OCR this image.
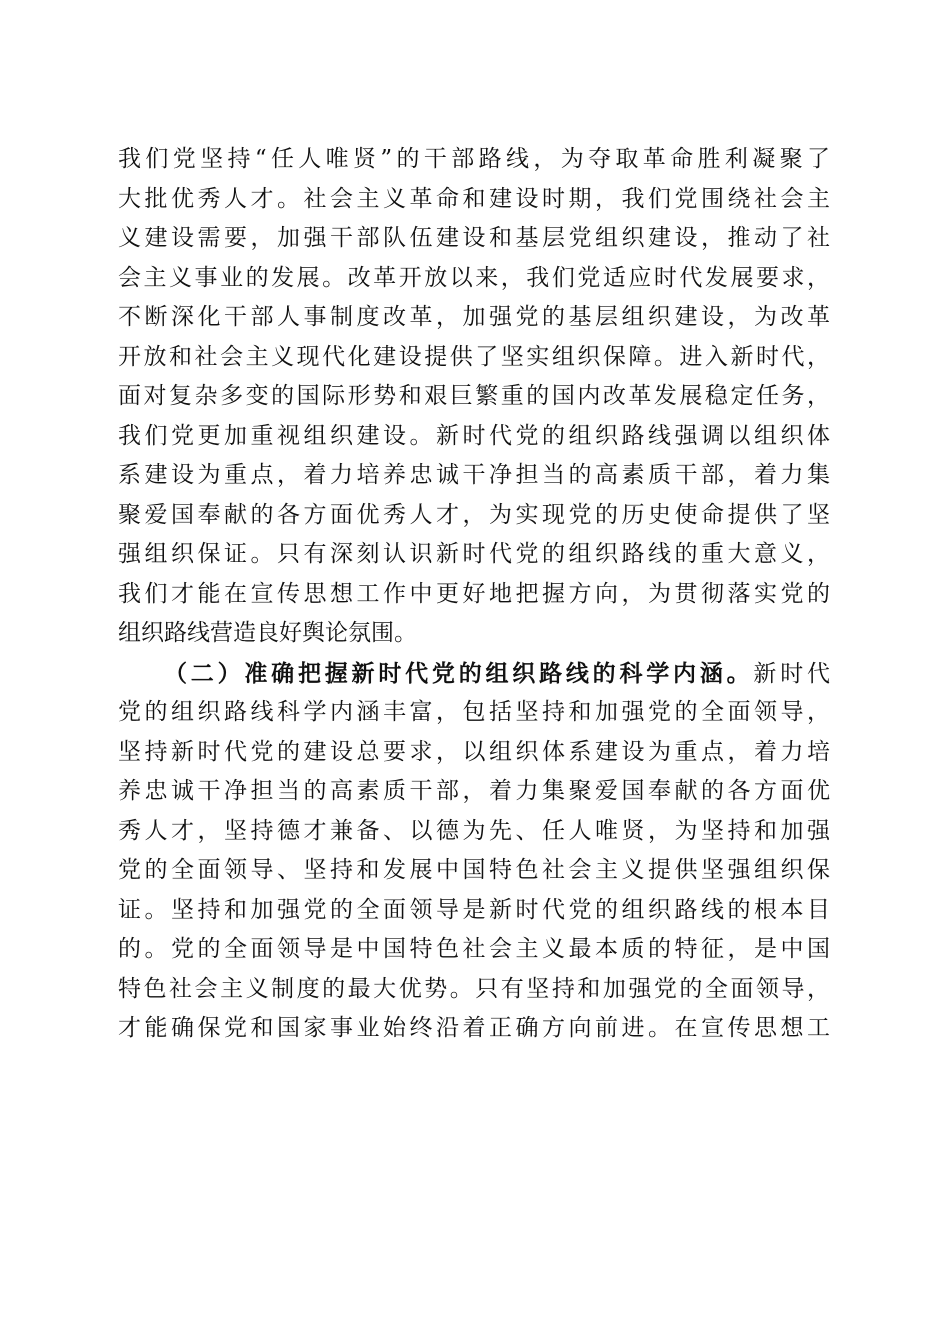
我们党坚持“任人唯贤”的干部路线，为夺取革命胜利凝聚了
大批优秀人才。社会主义革命和建设时期，我们党围绕社会主
义建设需要，加强干部队伍建设和基层党组织建设，推动了社
会主义事业的发展。改革开放以来，我们党适应时代发展要求，
不断深化干部人事制度改革，加强党的基层组织建设，为改革
开放和社会主义现代化建设提供了坚实组织保障。进入新时代，
面对复杂多变的国际形势和艰巨繁重的国内改革发展稳定任务，
我们党更加重视组织建设。新时代党的组织路线强调以组织体
系建设为重点，着力培养忠诚干净担当的高素质干部，着力集
聚爱国奉献的各方面优秀人才，为实现党的历史使命提供了坚
强组织保证。只有深刻认识新时代党的组织路线的重大意义，
我们才能在宣传思想工作中更好地把握方向，为贯彻落实党的
组织路线营造良好舆论氛围。
（二）准确把握新时代党的组织路线的科学内涵。新时代
党的组织路线科学内涵丰富，包括坚持和加强党的全面领导，
坚持新时代党的建设总要求，以组织体系建设为重点，着力培
养忠诚干净担当的高素质干部，着力集聚爱国奉献的各方面优
秀人才，坚持德才兼备、以德为先、任人唯贤，为坚持和加强
党的全面领导、坚持和发展中国特色社会主义提供坚强组织保
证。坚持和加强党的全面领导是新时代党的组织路线的根本目
的。党的全面领导是中国特色社会主义最本质的特征，是中国
特色社会主义制度的最大优势。只有坚持和加强党的全面领导，
才能确保党和国家事业始终沿着正确方向前进。在宣传思想工
